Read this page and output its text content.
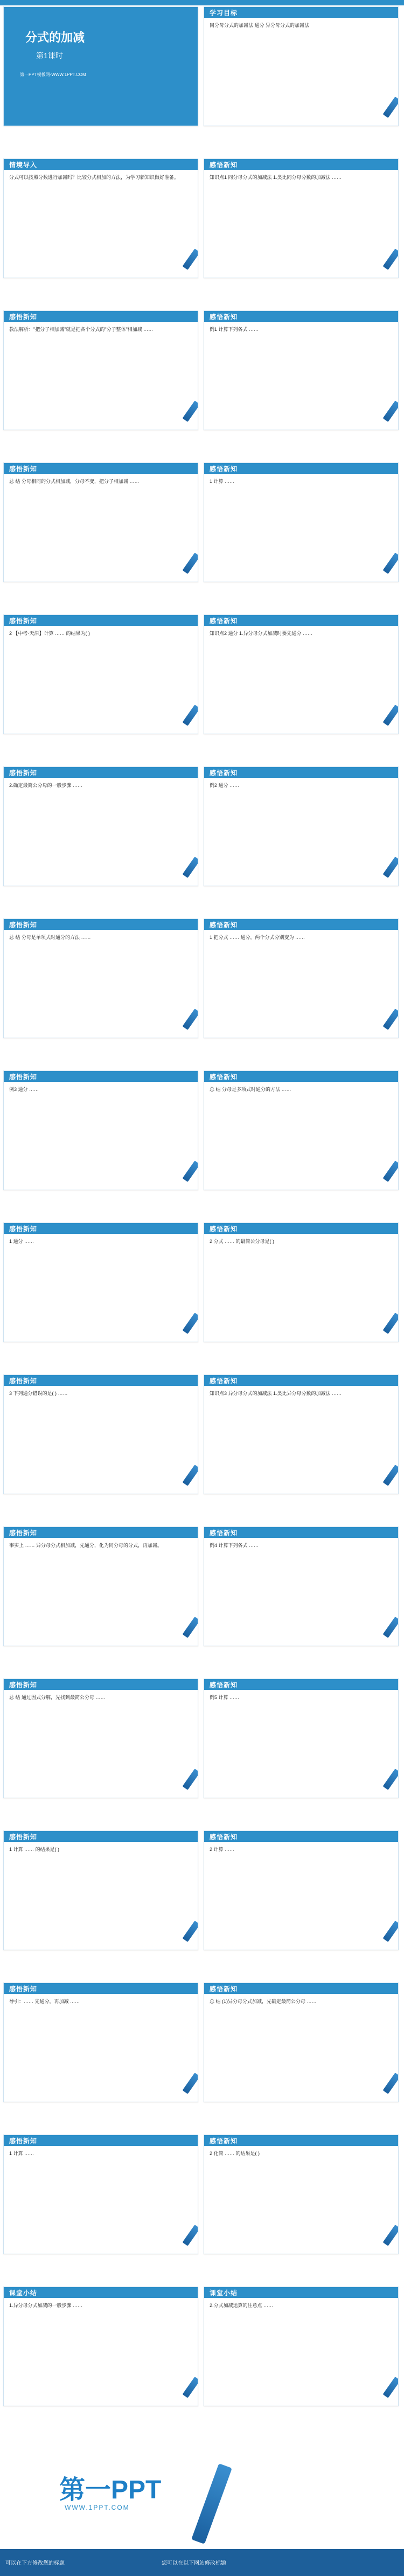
分式的加减
第1课时
第一PPT模板网-WWW.1PPT.COM
学习目标
同分母分式的加减法 通分 异分母分式的加减法
情境导入
分式可以按照分数进行加减吗？比较分式相加的方法，为学习新知识做好准备。
感悟新知
知识点1 同分母分式的加减法 1.类比同分母分数的加减法 ……
感悟新知
教法解析："把分子相加减"就是把各个分式的"分子整体"相加减 ……
感悟新知
例1 计算下列各式 ……
感悟新知
总 结 分母相同的分式相加减，分母不变，把分子相加减 ……
感悟新知
1 计算 ……
感悟新知
2 【中考·天津】计算 …… 的结果为( )
感悟新知
知识点2 通分 1.异分母分式加减时要先通分 ……
感悟新知
2.确定最简公分母的一般步骤 ……
感悟新知
例2 通分 ……
感悟新知
总 结 分母是单项式时通分的方法 ……
感悟新知
1 把分式 …… 通分，两个分式分别变为 ……
感悟新知
例3 通分 ……
感悟新知
总 结 分母是多项式时通分的方法 ……
感悟新知
1 通分 ……
感悟新知
2 分式 …… 的最简公分母是( )
感悟新知
3 下列通分错误的是( ) ……
感悟新知
知识点3 异分母分式的加减法 1.类比异分母分数的加减法 ……
感悟新知
事实上 …… 异分母分式相加减，先通分，化为同分母的分式，再加减。
感悟新知
例4 计算下列各式 ……
感悟新知
总 结 通过因式分解，先找到最简公分母 ……
感悟新知
例5 计算 ……
感悟新知
1 计算 …… 的结果是( )
感悟新知
2 计算 ……
感悟新知
导引：…… 先通分，再加减 ……
感悟新知
总 结 (1)异分母分式加减，先确定最简公分母 ……
感悟新知
1 计算 ……
感悟新知
2 化简 …… 的结果是( )
课堂小结
1.异分母分式加减的一般步骤 ……
课堂小结
2.分式加减运算的注意点 ……
第一PPT
WWW.1PPT.COM
可以在下方修改您的标题	您可以在以下网站修改标题
